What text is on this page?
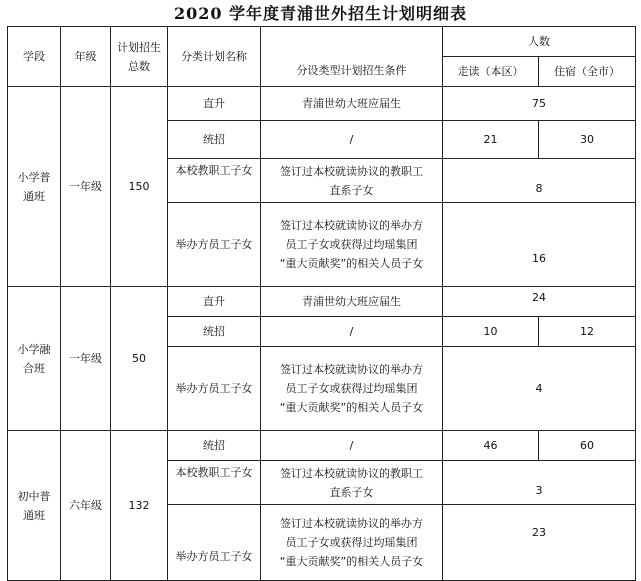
2020 学年度青浦世外招生计划明细表
学段	年级	计划招生
总数	分类计划名称	分设类型计划招生条件	人数	
					走读（本区）	住宿（全市）

小学普
通班	一年级	150	直升	青浦世幼大班应届生	75	
			统招	/	21	30
			本校教职工子女	签订过本校就读协议的教职工
直系子女	8	
			举办方员工子女	签订过本校就读协议的举办方
员工子女或获得过均瑶集团
“重大贡献奖”的相关人员子女	16	

小学融
合班	一年级	50	直升	青浦世幼大班应届生	24	
			统招	/	10	12
			举办方员工子女	签订过本校就读协议的举办方
员工子女或获得过均瑶集团
“重大贡献奖”的相关人员子女	4	

初中普
通班	六年级	132	统招	/	46	60
			本校教职工子女	签订过本校就读协议的教职工
直系子女	3	
			举办方员工子女	签订过本校就读协议的举办方
员工子女或获得过均瑶集团
“重大贡献奖”的相关人员子女	23	
